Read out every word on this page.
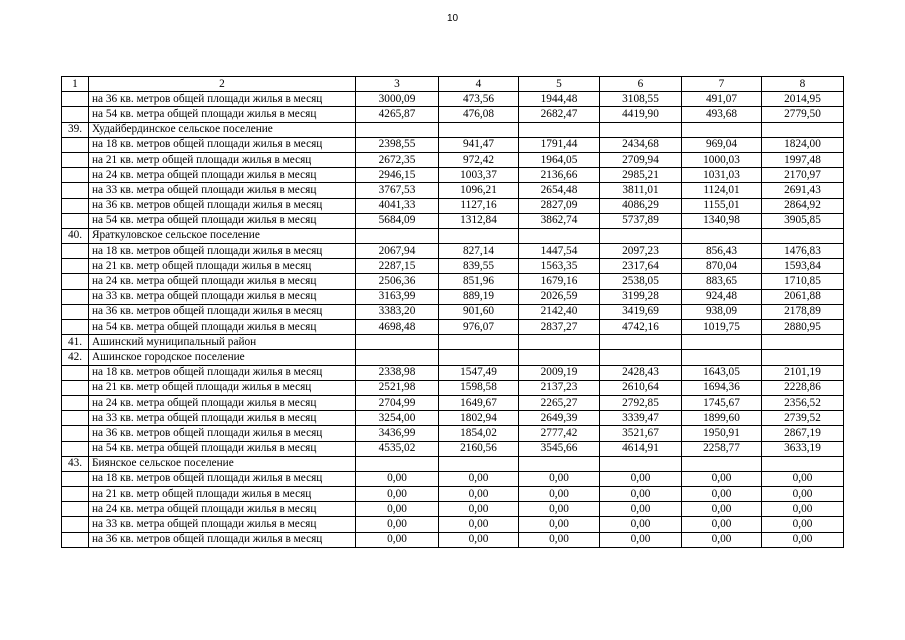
10
1	2	3	4	5	6	7	8
	на 36 кв. метров общей площади жилья в месяц	3000,09	473,56	1944,48	3108,55	491,07	2014,95
	на 54 кв. метра общей площади жилья в месяц	4265,87	476,08	2682,47	4419,90	493,68	2779,50
39.	Худайбердинское сельское поселение						
	на 18 кв. метров общей площади жилья в месяц	2398,55	941,47	1791,44	2434,68	969,04	1824,00
	на 21 кв. метр общей площади жилья в месяц	2672,35	972,42	1964,05	2709,94	1000,03	1997,48
	на 24 кв. метра общей площади жилья в месяц	2946,15	1003,37	2136,66	2985,21	1031,03	2170,97
	на 33 кв. метра общей площади жилья в месяц	3767,53	1096,21	2654,48	3811,01	1124,01	2691,43
	на 36 кв. метров общей площади жилья в месяц	4041,33	1127,16	2827,09	4086,29	1155,01	2864,92
	на 54 кв. метра общей площади жилья в месяц	5684,09	1312,84	3862,74	5737,89	1340,98	3905,85
40.	Яраткуловское сельское поселение						
	на 18 кв. метров общей площади жилья в месяц	2067,94	827,14	1447,54	2097,23	856,43	1476,83
	на 21 кв. метр общей площади жилья в месяц	2287,15	839,55	1563,35	2317,64	870,04	1593,84
	на 24 кв. метра общей площади жилья в месяц	2506,36	851,96	1679,16	2538,05	883,65	1710,85
	на 33 кв. метра общей площади жилья в месяц	3163,99	889,19	2026,59	3199,28	924,48	2061,88
	на 36 кв. метров общей площади жилья в месяц	3383,20	901,60	2142,40	3419,69	938,09	2178,89
	на 54 кв. метра общей площади жилья в месяц	4698,48	976,07	2837,27	4742,16	1019,75	2880,95
41.	Ашинский муниципальный район						
42.	Ашинское городское поселение						
	на 18 кв. метров общей площади жилья в месяц	2338,98	1547,49	2009,19	2428,43	1643,05	2101,19
	на 21 кв. метр общей площади жилья в месяц	2521,98	1598,58	2137,23	2610,64	1694,36	2228,86
	на 24 кв. метра общей площади жилья в месяц	2704,99	1649,67	2265,27	2792,85	1745,67	2356,52
	на 33 кв. метра общей площади жилья в месяц	3254,00	1802,94	2649,39	3339,47	1899,60	2739,52
	на 36 кв. метров общей площади жилья в месяц	3436,99	1854,02	2777,42	3521,67	1950,91	2867,19
	на 54 кв. метра общей площади жилья в месяц	4535,02	2160,56	3545,66	4614,91	2258,77	3633,19
43.	Биянское сельское поселение						
	на 18 кв. метров общей площади жилья в месяц	0,00	0,00	0,00	0,00	0,00	0,00
	на 21 кв. метр общей площади жилья в месяц	0,00	0,00	0,00	0,00	0,00	0,00
	на 24 кв. метра общей площади жилья в месяц	0,00	0,00	0,00	0,00	0,00	0,00
	на 33 кв. метра общей площади жилья в месяц	0,00	0,00	0,00	0,00	0,00	0,00
	на 36 кв. метров общей площади жилья в месяц	0,00	0,00	0,00	0,00	0,00	0,00
